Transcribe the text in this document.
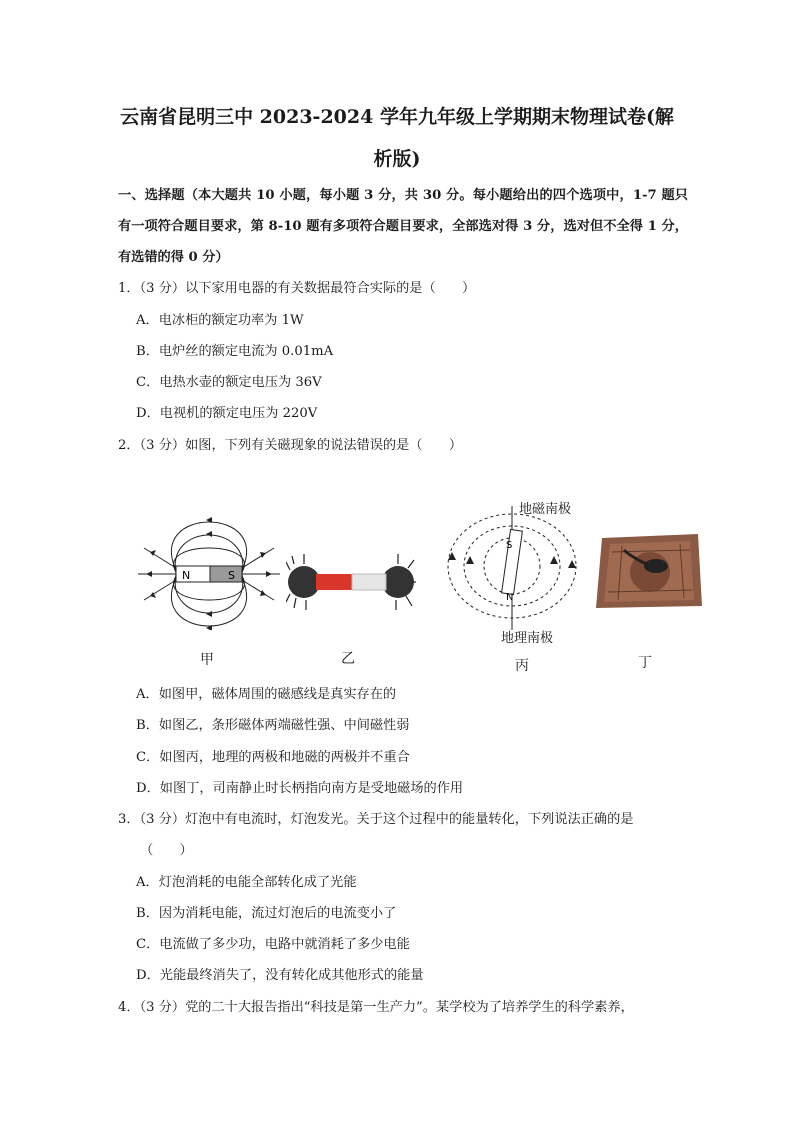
云南省昆明三中 2023-2024 学年九年级上学期期末物理试卷(解
析版)
一、选择题（本大题共 10 小题，每小题 3 分，共 30 分。每小题给出的四个选项中，1-7 题只有一项符合题目要求，第 8-10 题有多项符合题目要求，全部选对得 3 分，选对但不全得 1 分，有选错的得 0 分）
1．（3 分）以下家用电器的有关数据最符合实际的是（　　）
A．电冰柜的额定功率为 1W
B．电炉丝的额定电流为 0.01mA
C．电热水壶的额定电压为 36V
D．电视机的额定电压为 220V
2．（3 分）如图，下列有关磁现象的说法错误的是（　　）
N	S
S
N
地磁南极
地理南极
甲	乙	丙	丁
A．如图甲，磁体周围的磁感线是真实存在的
B．如图乙，条形磁体两端磁性强、中间磁性弱
C．如图丙，地理的两极和地磁的两极并不重合
D．如图丁，司南静止时长柄指向南方是受地磁场的作用
3．（3 分）灯泡中有电流时，灯泡发光。关于这个过程中的能量转化，下列说法正确的是
（　　）
A．灯泡消耗的电能全部转化成了光能
B．因为消耗电能，流过灯泡后的电流变小了
C．电流做了多少功，电路中就消耗了多少电能
D．光能最终消失了，没有转化成其他形式的能量
4．（3 分）党的二十大报告指出“科技是第一生产力”。某学校为了培养学生的科学素养，
